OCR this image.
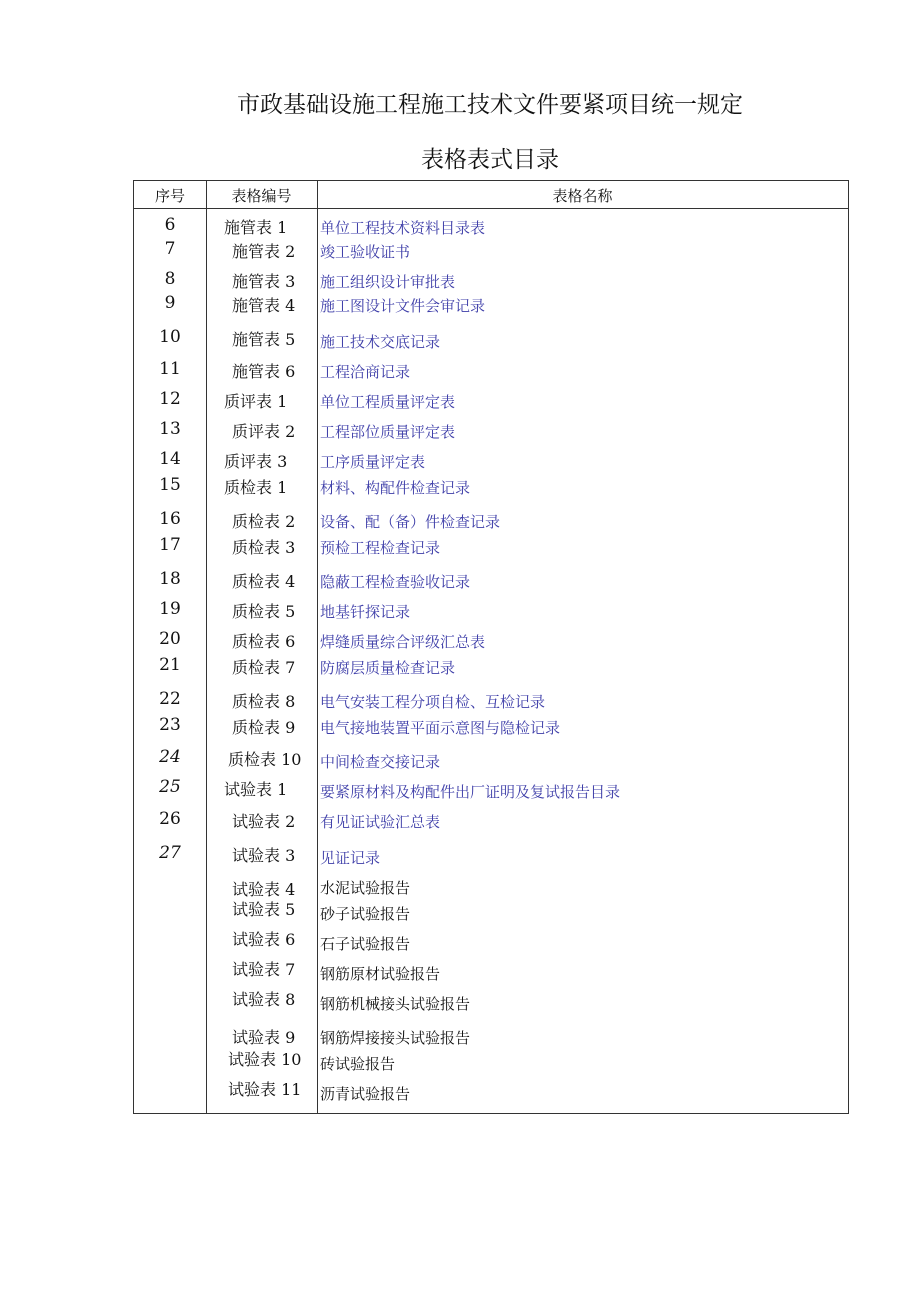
市政基础设施工程施工技术文件要紧项目统一规定
表格表式目录
序号	表格编号	表格名称
6	施管表 1	单位工程技术资料目录表
7	施管表 2	竣工验收证书
8	施管表 3	施工组织设计审批表
9	施管表 4	施工图设计文件会审记录
10	施管表 5	施工技术交底记录
11	施管表 6	工程洽商记录
12	质评表 1	单位工程质量评定表
13	质评表 2	工程部位质量评定表
14	质评表 3	工序质量评定表
15	质检表 1	材料、构配件检查记录
16	质检表 2	设备、配（备）件检查记录
17	质检表 3	预检工程检查记录
18	质检表 4	隐蔽工程检查验收记录
19	质检表 5	地基钎探记录
20	质检表 6	焊缝质量综合评级汇总表
21	质检表 7	防腐层质量检查记录
22	质检表 8	电气安装工程分项自检、互检记录
23	质检表 9	电气接地装置平面示意图与隐检记录
24	质检表 10	中间检查交接记录
25	试验表 1	要紧原材料及构配件出厂证明及复试报告目录
26	试验表 2	有见证试验汇总表
27	试验表 3	见证记录
试验表 4	水泥试验报告
试验表 5	砂子试验报告
试验表 6	石子试验报告
试验表 7	钢筋原材试验报告
试验表 8	钢筋机械接头试验报告
试验表 9	钢筋焊接接头试验报告
试验表 10	砖试验报告
试验表 11	沥青试验报告
